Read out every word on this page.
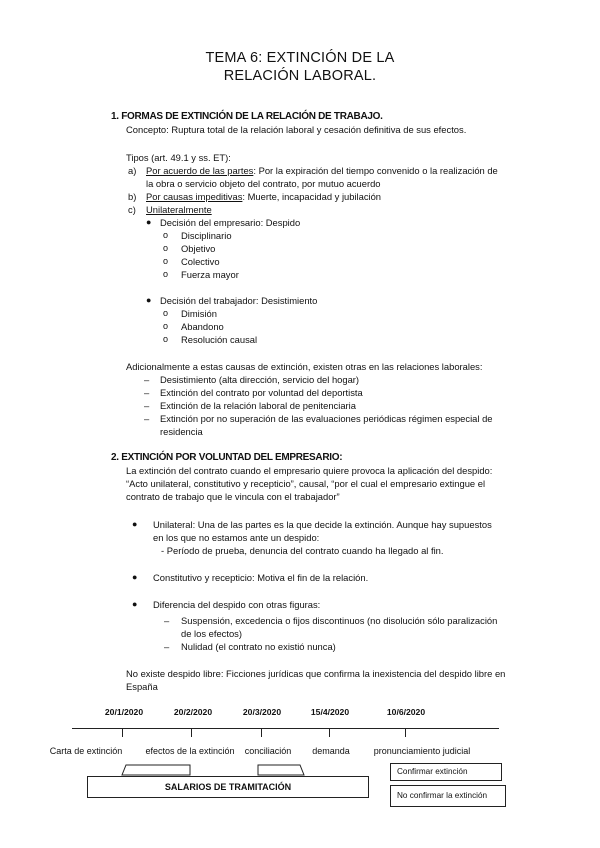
TEMA 6: EXTINCIÓN DE LA
RELACIÓN LABORAL.
1. FORMAS DE EXTINCIÓN DE LA RELACIÓN DE TRABAJO.
Concepto: Ruptura total de la relación laboral y cesación definitiva de sus efectos.
Tipos (art. 49.1 y ss. ET):
a) Por acuerdo de las partes: Por la expiración del tiempo convenido o la realización de
la obra o servicio objeto del contrato, por mutuo acuerdo
b) Por causas impeditivas: Muerte, incapacidad y jubilación
c) Unilateralmente
● Decisión del empresario: Despido
o Disciplinario
o Objetivo
o Colectivo
o Fuerza mayor
● Decisión del trabajador: Desistimiento
o Dimisión
o Abandono
o Resolución causal
Adicionalmente a estas causas de extinción, existen otras en las relaciones laborales:
– Desistimiento (alta dirección, servicio del hogar)
– Extinción del contrato por voluntad del deportista
– Extinción de la relación laboral de penitenciaria
– Extinción por no superación de las evaluaciones periódicas régimen especial de
residencia
2. EXTINCIÓN POR VOLUNTAD DEL EMPRESARIO:
La extinción del contrato cuando el empresario quiere provoca la aplicación del despido:
“Acto unilateral, constitutivo y recepticio”, causal, “por el cual el empresario extingue el
contrato de trabajo que le vincula con el trabajador”
● Unilateral: Una de las partes es la que decide la extinción. Aunque hay supuestos
en los que no estamos ante un despido:
- Período de prueba, denuncia del contrato cuando ha llegado al fin.
● Constitutivo y recepticio: Motiva el fin de la relación.
● Diferencia del despido con otras figuras:
– Suspensión, excedencia o fijos discontinuos (no disolución sólo paralización
de los efectos)
– Nulidad (el contrato no existió nunca)
No existe despido libre: Ficciones jurídicas que confirma la inexistencia del despido libre en
España
20/1/2020	20/2/2020	20/3/2020	15/4/2020	10/6/2020
Carta de extinción	efectos de la extinción conciliación demanda	pronunciamiento judicial
SALARIOS DE TRAMITACIÓN
Confirmar extinción
No confirmar la extinción
